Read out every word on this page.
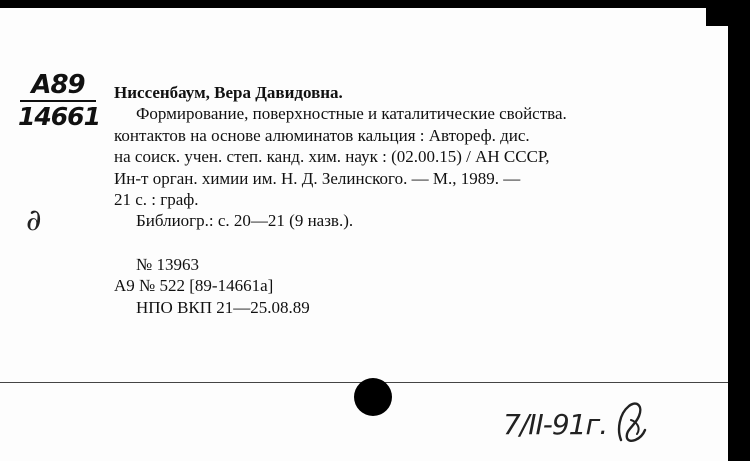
A89
14661
∂
Ниссенбаум, Вера Давидовна.
Формирование, поверхностные и каталитические свойства.
контактов на основе алюминатов кальция : Автореф. дис.
на соиск. учен. степ. канд. хим. наук : (02.00.15) / АН СССР,
Ин-т орган. химии им. Н. Д. Зелинского. — М., 1989. —
21 с. : граф.
Библиогр.: с. 20—21 (9 назв.).
№ 13963
А9 № 522 [89-14661а]
НПО ВКП 21—25.08.89
7/II-91г.
